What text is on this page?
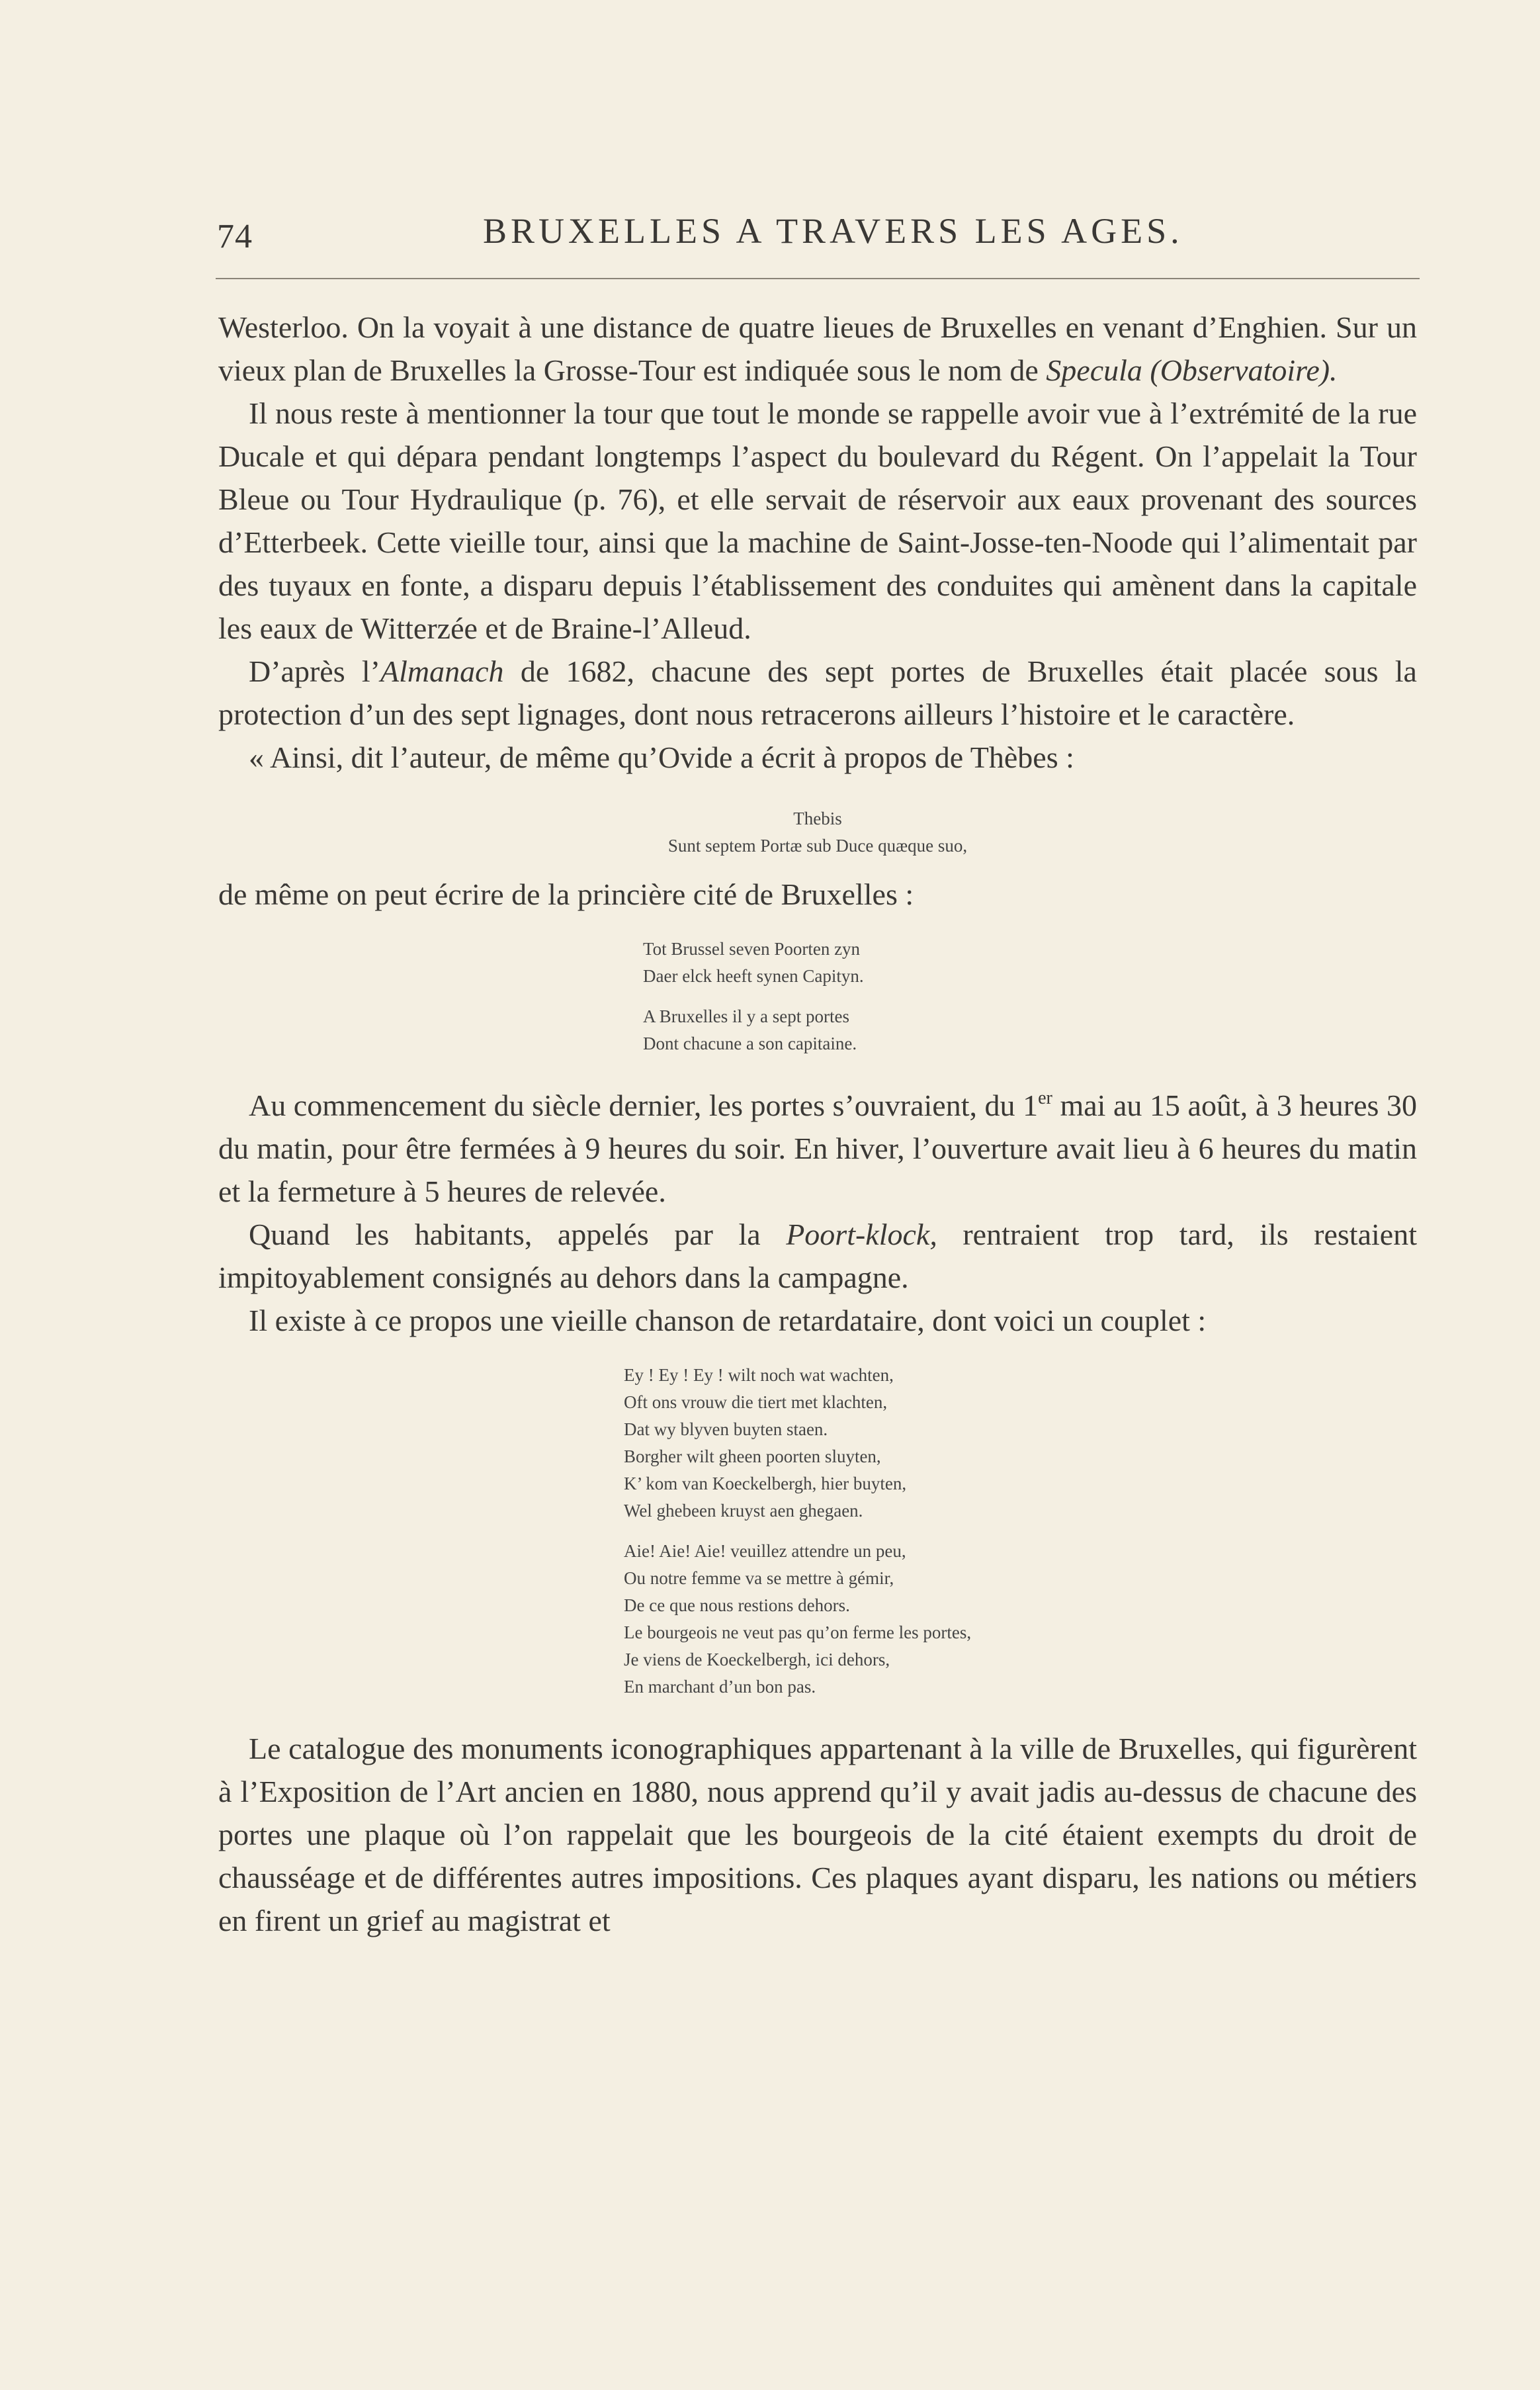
74	BRUXELLES A TRAVERS LES AGES.

Westerloo. On la voyait à une distance de quatre lieues de Bruxelles en venant d’Enghien. Sur un vieux plan de Bruxelles la Grosse-Tour est indiquée sous le nom de Specula (Observatoire).

Il nous reste à mentionner la tour que tout le monde se rappelle avoir vue à l’extrémité de la rue Ducale et qui dépara pendant longtemps l’aspect du boulevard du Régent. On l’appelait la Tour Bleue ou Tour Hydraulique (p. 76), et elle servait de réservoir aux eaux provenant des sources d’Etterbeek. Cette vieille tour, ainsi que la machine de Saint-Josse-ten-Noode qui l’alimentait par des tuyaux en fonte, a disparu depuis l’établissement des conduites qui amènent dans la capitale les eaux de Witterzée et de Braine-l’Alleud.

D’après l’Almanach de 1682, chacune des sept portes de Bruxelles était placée sous la protection d’un des sept lignages, dont nous retracerons ailleurs l’histoire et le caractère.

« Ainsi, dit l’auteur, de même qu’Ovide a écrit à propos de Thèbes :

Thebis
Sunt septem Portæ sub Duce quæque suo,

de même on peut écrire de la princière cité de Bruxelles :

Tot Brussel seven Poorten zyn
Daer elck heeft synen Capityn.
A Bruxelles il y a sept portes
Dont chacune a son capitaine.

Au commencement du siècle dernier, les portes s’ouvraient, du 1er mai au 15 août, à 3 heures 30 du matin, pour être fermées à 9 heures du soir. En hiver, l’ouverture avait lieu à 6 heures du matin et la fermeture à 5 heures de relevée.

Quand les habitants, appelés par la Poort-klock, rentraient trop tard, ils restaient impitoyablement consignés au dehors dans la campagne.

Il existe à ce propos une vieille chanson de retardataire, dont voici un couplet :

Ey ! Ey ! Ey ! wilt noch wat wachten,
Oft ons vrouw die tiert met klachten,
Dat wy blyven buyten staen.
Borgher wilt gheen poorten sluyten,
K’ kom van Koeckelbergh, hier buyten,
Wel ghebeen kruyst aen ghegaen.
Aie! Aie! Aie! veuillez attendre un peu,
Ou notre femme va se mettre à gémir,
De ce que nous restions dehors.
Le bourgeois ne veut pas qu’on ferme les portes,
Je viens de Koeckelbergh, ici dehors,
En marchant d’un bon pas.

Le catalogue des monuments iconographiques appartenant à la ville de Bruxelles, qui figurèrent à l’Exposition de l’Art ancien en 1880, nous apprend qu’il y avait jadis au-dessus de chacune des portes une plaque où l’on rappelait que les bourgeois de la cité étaient exempts du droit de chausséage et de différentes autres impositions. Ces plaques ayant disparu, les nations ou métiers en firent un grief au magistrat et
